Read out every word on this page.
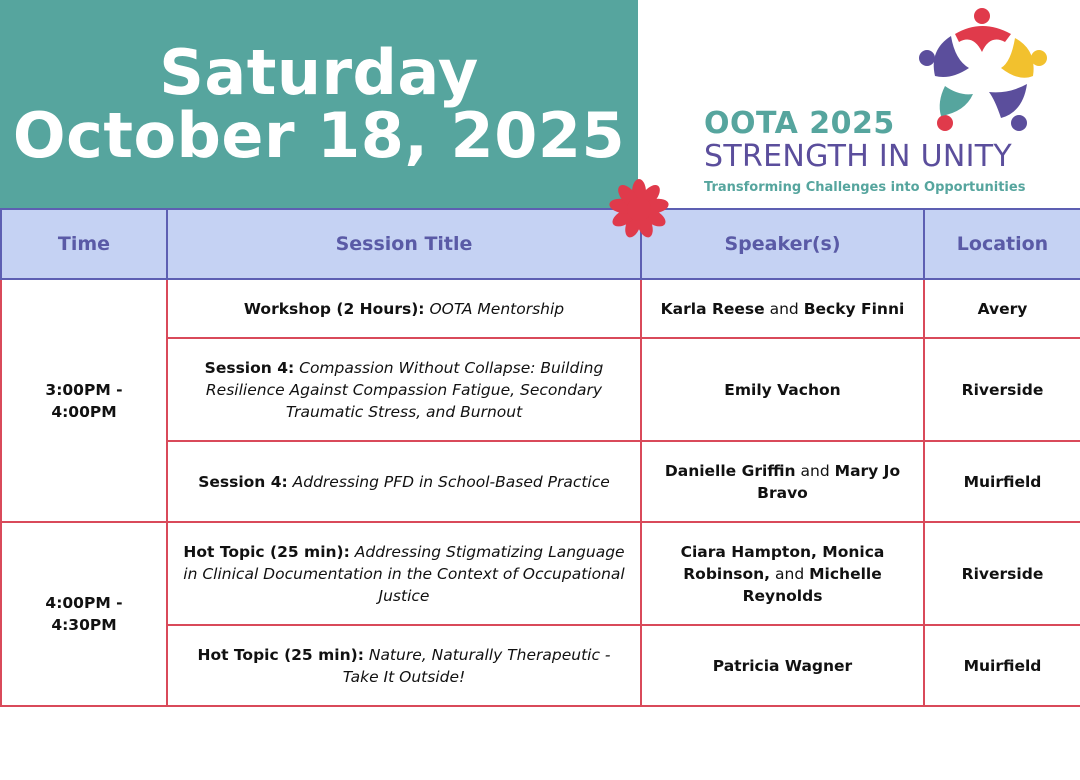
Saturday
October 18, 2025	OOTA 2025
STRENGTH IN UNITY
Transforming Challenges into Opportunities
Time	Session Title	Speaker(s)	Location
3:00PM - 4:00PM	Workshop (2 Hours): OOTA Mentorship	Karla Reese and Becky Finni	Avery
	Session 4: Compassion Without Collapse: Building Resilience Against Compassion Fatigue, Secondary Traumatic Stress, and Burnout	Emily Vachon	Riverside
	Session 4: Addressing PFD in School-Based Practice	Danielle Griffin and Mary Jo Bravo	Muirfield
4:00PM - 4:30PM	Hot Topic (25 min): Addressing Stigmatizing Language in Clinical Documentation in the Context of Occupational Justice	Ciara Hampton, Monica Robinson, and Michelle Reynolds	Riverside
	Hot Topic (25 min): Nature, Naturally Therapeutic - Take It Outside!	Patricia Wagner	Muirfield
